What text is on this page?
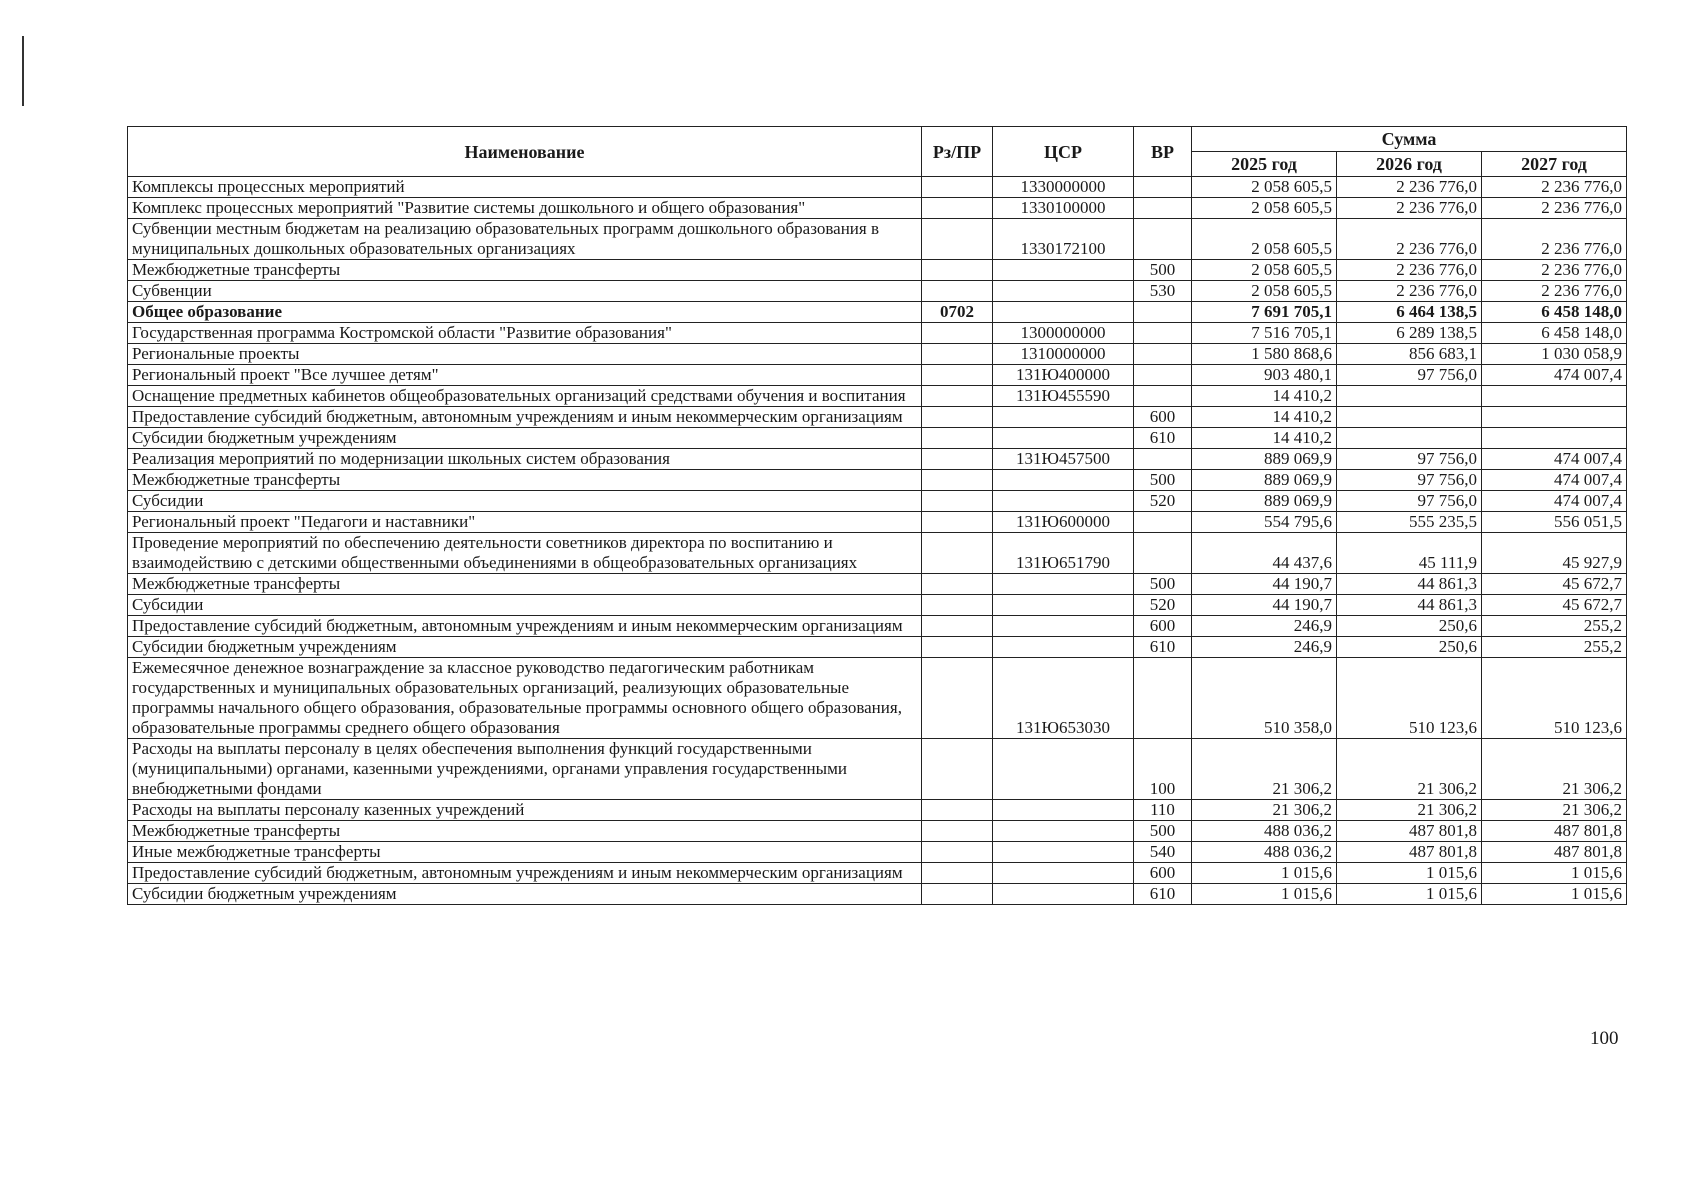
Наименование	Рз/ПР	ЦСР	ВР	Сумма		
				2025 год	2026 год	2027 год
Комплексы процессных мероприятий		1330000000		2 058 605,5	2 236 776,0	2 236 776,0
Комплекс процессных мероприятий "Развитие системы дошкольного и общего образования"		1330100000		2 058 605,5	2 236 776,0	2 236 776,0
Субвенции местным бюджетам на реализацию образовательных программ дошкольного образования в муниципальных дошкольных образовательных организациях		1330172100		2 058 605,5	2 236 776,0	2 236 776,0
Межбюджетные трансферты			500	2 058 605,5	2 236 776,0	2 236 776,0
Субвенции			530	2 058 605,5	2 236 776,0	2 236 776,0
Общее образование	0702			7 691 705,1	6 464 138,5	6 458 148,0
Государственная программа Костромской области "Развитие образования"		1300000000		7 516 705,1	6 289 138,5	6 458 148,0
Региональные проекты		1310000000		1 580 868,6	856 683,1	1 030 058,9
Региональный проект "Все лучшее детям"		131Ю400000		903 480,1	97 756,0	474 007,4
Оснащение предметных кабинетов общеобразовательных организаций средствами обучения и воспитания		131Ю455590		14 410,2		
Предоставление субсидий бюджетным, автономным учреждениям и иным некоммерческим организациям			600	14 410,2		
Субсидии бюджетным учреждениям			610	14 410,2		
Реализация мероприятий по модернизации школьных систем образования		131Ю457500		889 069,9	97 756,0	474 007,4
Межбюджетные трансферты			500	889 069,9	97 756,0	474 007,4
Субсидии			520	889 069,9	97 756,0	474 007,4
Региональный проект "Педагоги и наставники"		131Ю600000		554 795,6	555 235,5	556 051,5
Проведение мероприятий по обеспечению деятельности советников директора по воспитанию и взаимодействию с детскими общественными объединениями в общеобразовательных организациях		131Ю651790		44 437,6	45 111,9	45 927,9
Межбюджетные трансферты			500	44 190,7	44 861,3	45 672,7
Субсидии			520	44 190,7	44 861,3	45 672,7
Предоставление субсидий бюджетным, автономным учреждениям и иным некоммерческим организациям			600	246,9	250,6	255,2
Субсидии бюджетным учреждениям			610	246,9	250,6	255,2
Ежемесячное денежное вознаграждение за классное руководство педагогическим работникам государственных и муниципальных образовательных организаций, реализующих образовательные программы начального общего образования, образовательные программы основного общего образования, образовательные программы среднего общего образования		131Ю653030		510 358,0	510 123,6	510 123,6
Расходы на выплаты персоналу в целях обеспечения выполнения функций государственными (муниципальными) органами, казенными учреждениями, органами управления государственными внебюджетными фондами			100	21 306,2	21 306,2	21 306,2
Расходы на выплаты персоналу казенных учреждений			110	21 306,2	21 306,2	21 306,2
Межбюджетные трансферты			500	488 036,2	487 801,8	487 801,8
Иные межбюджетные трансферты			540	488 036,2	487 801,8	487 801,8
Предоставление субсидий бюджетным, автономным учреждениям и иным некоммерческим организациям			600	1 015,6	1 015,6	1 015,6
Субсидии бюджетным учреждениям			610	1 015,6	1 015,6	1 015,6
100
